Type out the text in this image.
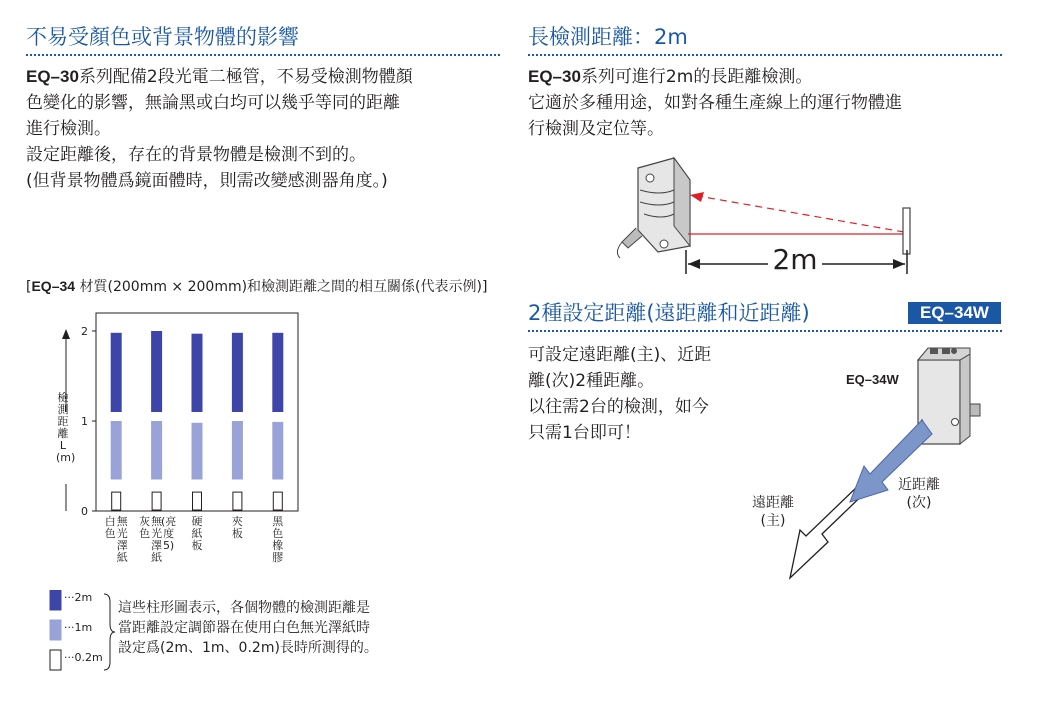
不易受顏色或背景物體的影響
EQ–30系列配備2段光電二極管，不易受檢測物體顏
色變化的影響，無論黑或白均可以幾乎等同的距離
進行檢測。
設定距離後，存在的背景物體是檢測不到的。
(但背景物體爲鏡面體時，則需改變感測器角度。)
[EQ–34 材質(200mm × 200mm)和檢測距離之間的相互關係(代表示例)]
檢
測
距
離
L
(m)
0
1
2
白
色
無
光
澤
紙
灰
色
無
光
澤
紙
(亮
度
5)
硬
紙
板
夾
板
黑
色
橡
膠
···2m
···1m
···0.2m
這些柱形圖表示，各個物體的檢測距離是
當距離設定調節器在使用白色無光澤紙時
設定爲(2m、1m、0.2m)長時所測得的。
長檢測距離：2m
EQ–30系列可進行2m的長距離檢測。
它適於多種用途，如對各種生產線上的運行物體進
行檢測及定位等。
2m
2種設定距離(遠距離和近距離)	EQ–34W
可設定遠距離(主)、近距
離(次)2種距離。
以往需2台的檢測，如今
只需1台即可！
EQ–34W
近距離
(次)
遠距離
(主)
